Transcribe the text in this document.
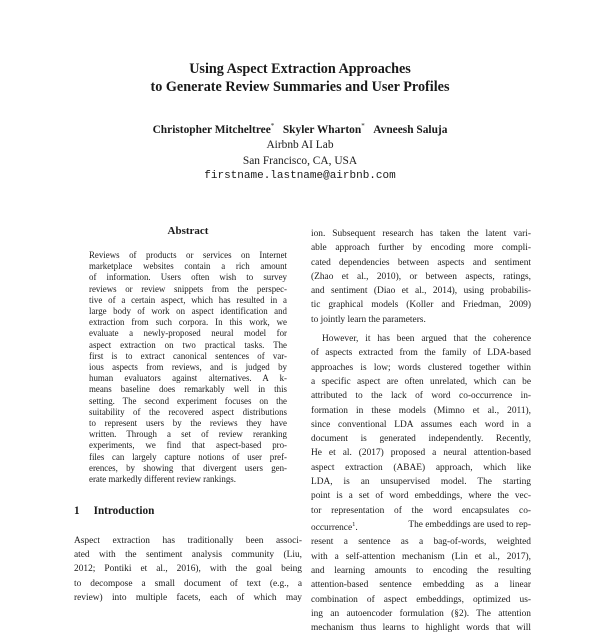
Using Aspect Extraction Approaches
to Generate Review Summaries and User Profiles
Christopher Mitcheltree* Skyler Wharton* Avneesh Saluja
Airbnb AI Lab
San Francisco, CA, USA
firstname.lastname@airbnb.com
Abstract
Reviews of products or services on Internet
marketplace websites contain a rich amount
of information. Users often wish to survey
reviews or review snippets from the perspec-
tive of a certain aspect, which has resulted in a
large body of work on aspect identification and
extraction from such corpora. In this work, we
evaluate a newly-proposed neural model for
aspect extraction on two practical tasks. The
first is to extract canonical sentences of var-
ious aspects from reviews, and is judged by
human evaluators against alternatives. A k-
means baseline does remarkably well in this
setting. The second experiment focuses on the
suitability of the recovered aspect distributions
to represent users by the reviews they have
written. Through a set of review reranking
experiments, we find that aspect-based pro-
files can largely capture notions of user pref-
erences, by showing that divergent users gen-
erate markedly different review rankings.
1 Introduction
Aspect extraction has traditionally been associ-
ated with the sentiment analysis community (Liu,
2012; Pontiki et al., 2016), with the goal being
to decompose a small document of text (e.g., a
review) into multiple facets, each of which may
ion. Subsequent research has taken the latent vari-
able approach further by encoding more compli-
cated dependencies between aspects and sentiment
(Zhao et al., 2010), or between aspects, ratings,
and sentiment (Diao et al., 2014), using probabilis-
tic graphical models (Koller and Friedman, 2009)
to jointly learn the parameters.
However, it has been argued that the coherence
of aspects extracted from the family of LDA-based
approaches is low; words clustered together within
a specific aspect are often unrelated, which can be
attributed to the lack of word co-occurrence in-
formation in these models (Mimno et al., 2011),
since conventional LDA assumes each word in a
document is generated independently. Recently,
He et al. (2017) proposed a neural attention-based
aspect extraction (ABAE) approach, which like
LDA, is an unsupervised model. The starting
point is a set of word embeddings, where the vec-
tor representation of the word encapsulates co-
occurrence$^1$.	The embeddings are used to rep-
resent a sentence as a bag-of-words, weighted
with a self-attention mechanism (Lin et al., 2017),
and learning amounts to encoding the resulting
attention-based sentence embedding as a linear
combination of aspect embeddings, optimized us-
ing an autoencoder formulation (§2). The attention
mechanism thus learns to highlight words that will
